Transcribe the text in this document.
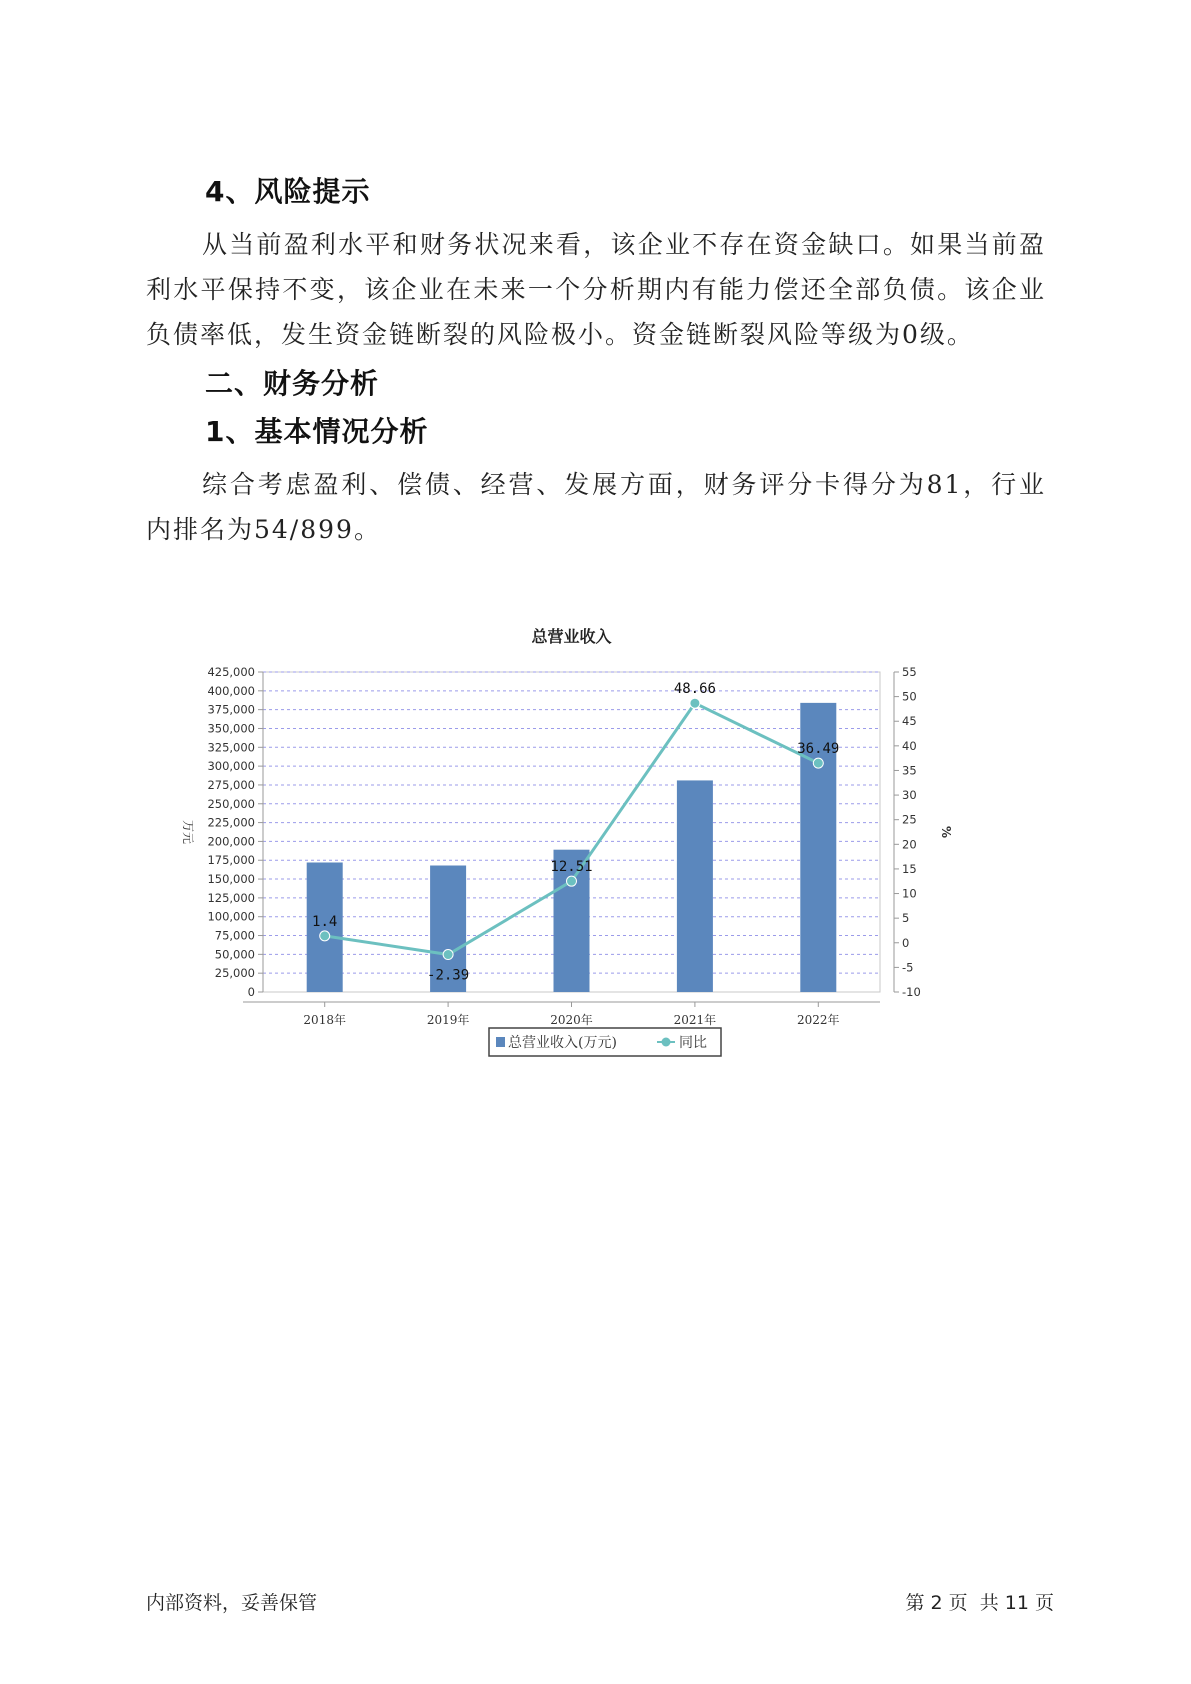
4、风险提示

从当前盈利水平和财务状况来看，该企业不存在资金缺口。如果当前盈利水平保持不变，该企业在未来一个分析期内有能力偿还全部负债。该企业负债率低，发生资金链断裂的风险极小。资金链断裂风险等级为0级。

二、财务分析
1、基本情况分析

综合考虑盈利、偿债、经营、发展方面，财务评分卡得分为81，行业内排名为54/899。

总营业收入
0
25,000
50,000
75,000
100,000
125,000
150,000
175,000
200,000
225,000
250,000
275,000
300,000
325,000
350,000
375,000
400,000
425,000
-10
-5
0
5
10
15
20
25
30
35
40
45
50
55
万元	%
2018年	2019年	2020年	2021年	2022年
1.4
-2.39
12.51
48.66
36.49
总营业收入(万元)	同比
内部资料，妥善保管	第 2 页  共 11 页
